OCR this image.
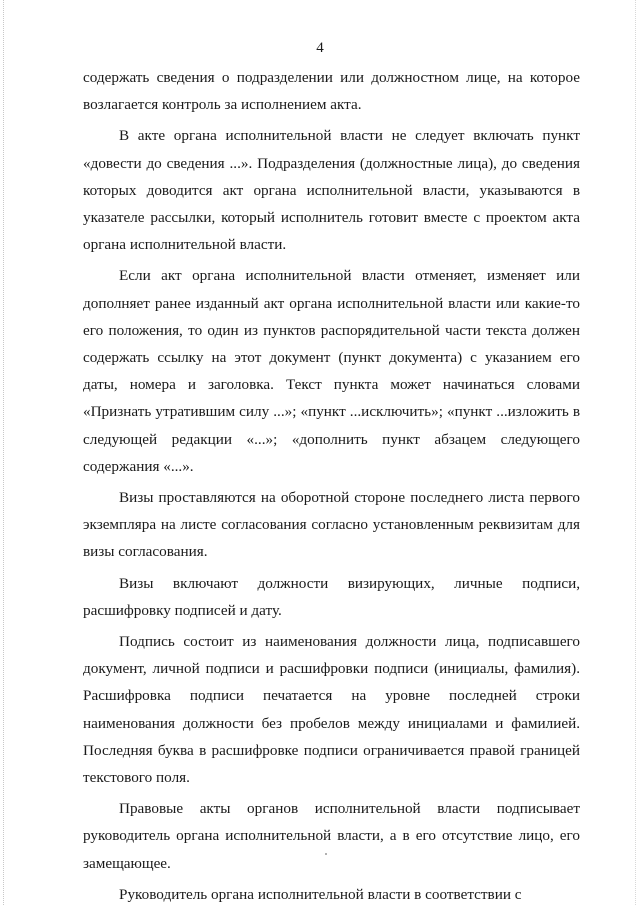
4

содержать сведения о подразделении или должностном лице, на которое возлагается контроль за исполнением акта.

В акте органа исполнительной власти не следует включать пункт «довести до сведения ...». Подразделения (должностные лица), до сведения которых доводится акт органа исполнительной власти, указываются в указателе рассылки, который исполнитель готовит вместе с проектом акта органа исполнительной власти.

Если акт органа исполнительной власти отменяет, изменяет или дополняет ранее изданный акт органа исполнительной власти или какие-то его положения, то один из пунктов распорядительной части текста должен содержать ссылку на этот документ (пункт документа) с указанием его даты, номера и заголовка. Текст пункта может начинаться словами «Признать утратившим силу ...»; «пункт ...исключить»; «пункт ...изложить в следующей редакции «...»; «дополнить пункт абзацем следующего содержания «...».

Визы проставляются на оборотной стороне последнего листа первого экземпляра на листе согласования согласно установленным реквизитам для визы согласования.

Визы включают должности визирующих, личные подписи, расшифровку подписей и дату.

Подпись состоит из наименования должности лица, подписавшего документ, личной подписи и расшифровки подписи (инициалы, фамилия). Расшифровка подписи печатается на уровне последней строки наименования должности без пробелов между инициалами и фамилией. Последняя буква в расшифровке подписи ограничивается правой границей текстового поля.

Правовые акты органов исполнительной власти подписывает руководитель органа исполнительной власти, а в его отсутствие лицо, его замещающее.

Руководитель органа исполнительной власти в соответствии с
